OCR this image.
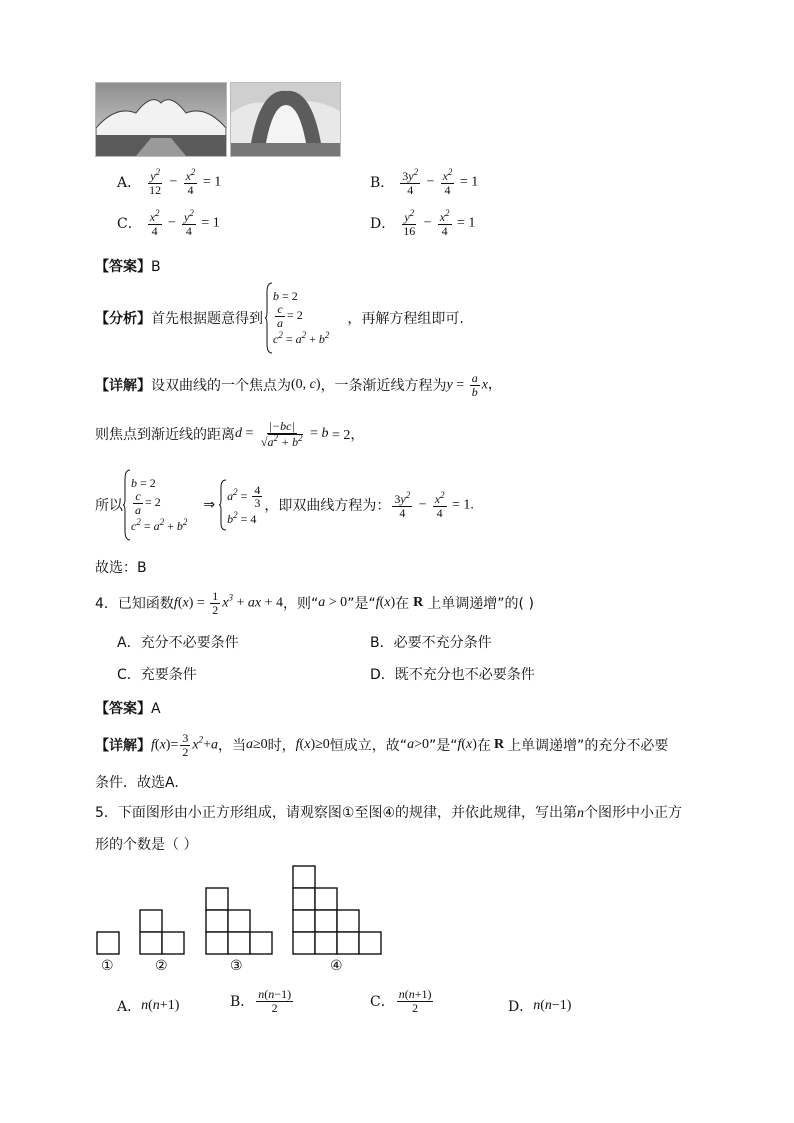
A． $\frac{y^2}{12} - \frac{x^2}{4} = 1$	B． $\frac{3y^2}{4} - \frac{x^2}{4} = 1$
C． $\frac{x^2}{4} - \frac{y^2}{4} = 1$	D． $\frac{y^2}{16} - \frac{x^2}{4} = 1$
【答案】B
【分析】 首先根据题意得到
b = 2
$\frac{c}{a} = 2$
$c^2 = a^2 + b^2$
，再解方程组即可.
【详解】 设双曲线的一个焦点为 (0, c) ，一条渐近线方程为 $y = \frac{a}{b}$ x，
则焦点到渐近线的距离 $d = \frac{|-bc|}{√a^2 + b^2} = b = 2$，
所以
b = 2
$\frac{c}{a} = 2$
$c^2 = a^2 + b^2$
⇒
$a^2 = \frac{4}{3}$
$b^2 = 4$
，即双曲线方程为： $\frac{3y^2}{4} - \frac{x^2}{4} = 1$.
故选：B
4． 已知函数 $f(x) = \frac{1}{2} x^3$ + ax + 4 ，则“ a > 0 ”是“ f(x) 在 R 上单调递增”的( )
A．充分不必要条件	B．必要不充分条件
C．充要条件	D．既不充分也不必要条件
【答案】A
【详解】 $f(x)= \frac{3}{2} x^2+a$ ，当 a≥0 时， f(x)≥0 恒成立，故“ a>0 ”是“ f(x) 在 R 上单调递增”的充分不必要
条件．故选A.
5．下面图形由小正方形组成，请观察图①至图④的规律，并依此规律，写出第n个图形中小正方
形的个数是（ ）
①	②	③	④
A． n(n+1)	B． $\frac{n(n-1)}{2}$	C． $\frac{n(n+1)}{2}$	D． n(n−1)
